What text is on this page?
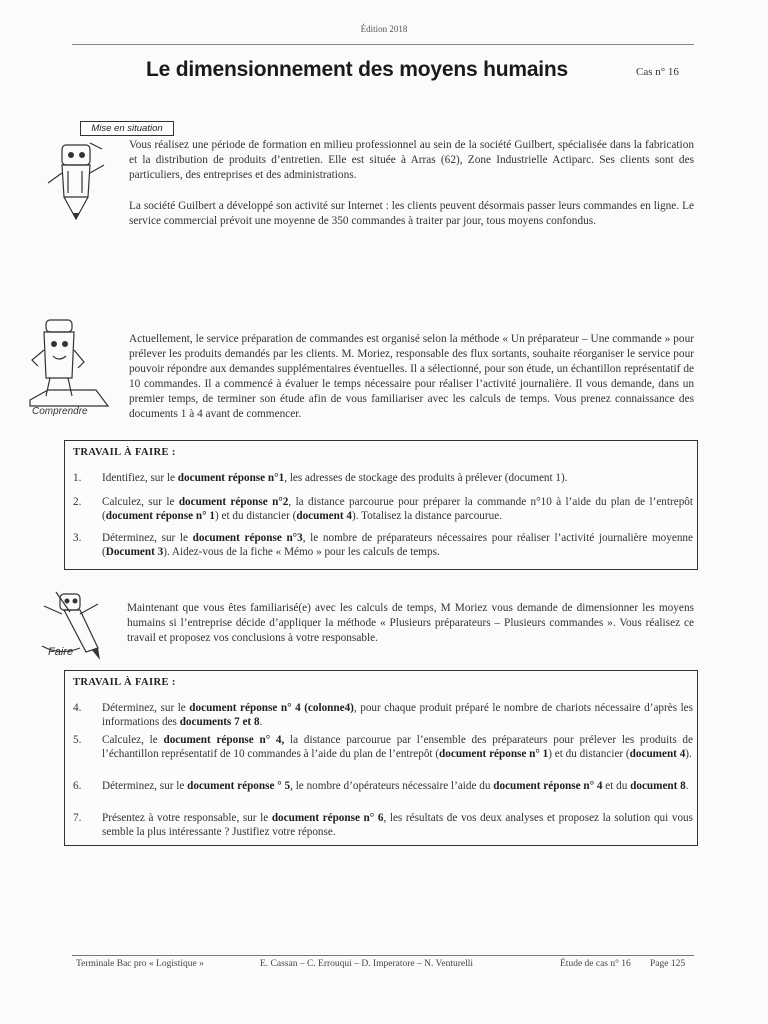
Édition 2018
Le dimensionnement des moyens humains	Cas n° 16
Mise en situation
Vous réalisez une période de formation en milieu professionnel au sein de la société Guilbert, spécialisée dans la fabrication et la distribution de produits d’entretien. Elle est située à Arras (62), Zone Industrielle Actiparc. Ses clients sont des particuliers, des entreprises et des administrations.
La société Guilbert a développé son activité sur Internet : les clients peuvent désormais passer leurs commandes en ligne. Le service commercial prévoit une moyenne de 350 commandes à traiter par jour, tous moyens confondus.
Comprendre
Actuellement, le service préparation de commandes est organisé selon la méthode « Un préparateur – Une commande » pour prélever les produits demandés par les clients. M. Moriez, responsable des flux sortants, souhaite réorganiser le service pour pouvoir répondre aux demandes supplémentaires éventuelles. Il a sélectionné, pour son étude, un échantillon représentatif de 10 commandes. Il a commencé à évaluer le temps nécessaire pour réaliser l’activité journalière. Il vous demande, dans un premier temps, de terminer son étude afin de vous familiariser avec les calculs de temps. Vous prenez connaissance des documents 1 à 4 avant de commencer.
TRAVAIL À FAIRE :
1.	Identifiez, sur le document réponse n°1, les adresses de stockage des produits à prélever (document 1).
2.	Calculez, sur le document réponse n°2, la distance parcourue pour préparer la commande n°10 à l’aide du plan de l’entrepôt (document réponse n° 1) et du distancier (document 4). Totalisez la distance parcourue.
3.	Déterminez, sur le document réponse n°3, le nombre de préparateurs nécessaires pour réaliser l’activité journalière moyenne (Document 3). Aidez-vous de la fiche « Mémo » pour les calculs de temps.
Faire
Maintenant que vous êtes familiarisé(e) avec les calculs de temps, M Moriez vous demande de dimensionner les moyens humains si l’entreprise décide d’appliquer la méthode « Plusieurs préparateurs – Plusieurs commandes ». Vous réalisez ce travail et proposez vos conclusions à votre responsable.
TRAVAIL À FAIRE :
4.	Déterminez, sur le document réponse n° 4 (colonne4), pour chaque produit préparé le nombre de chariots nécessaire d’après les informations des documents 7 et 8.
5.	Calculez, le document réponse n° 4, la distance parcourue par l’ensemble des préparateurs pour prélever les produits de l’échantillon représentatif de 10 commandes à l’aide du plan de l’entrepôt (document réponse n° 1) et du distancier (document 4).
6.	Déterminez, sur le document réponse ° 5, le nombre d’opérateurs nécessaire l’aide du document réponse n° 4 et du document 8.
7.	Présentez à votre responsable, sur le document réponse n° 6, les résultats de vos deux analyses et proposez la solution qui vous semble la plus intéressante ? Justifiez votre réponse.
Terminale Bac pro « Logistique »	E. Cassan – C. Errouqui – D. Imperatore – N. Venturelli	Étude de cas n° 16 Page 125
